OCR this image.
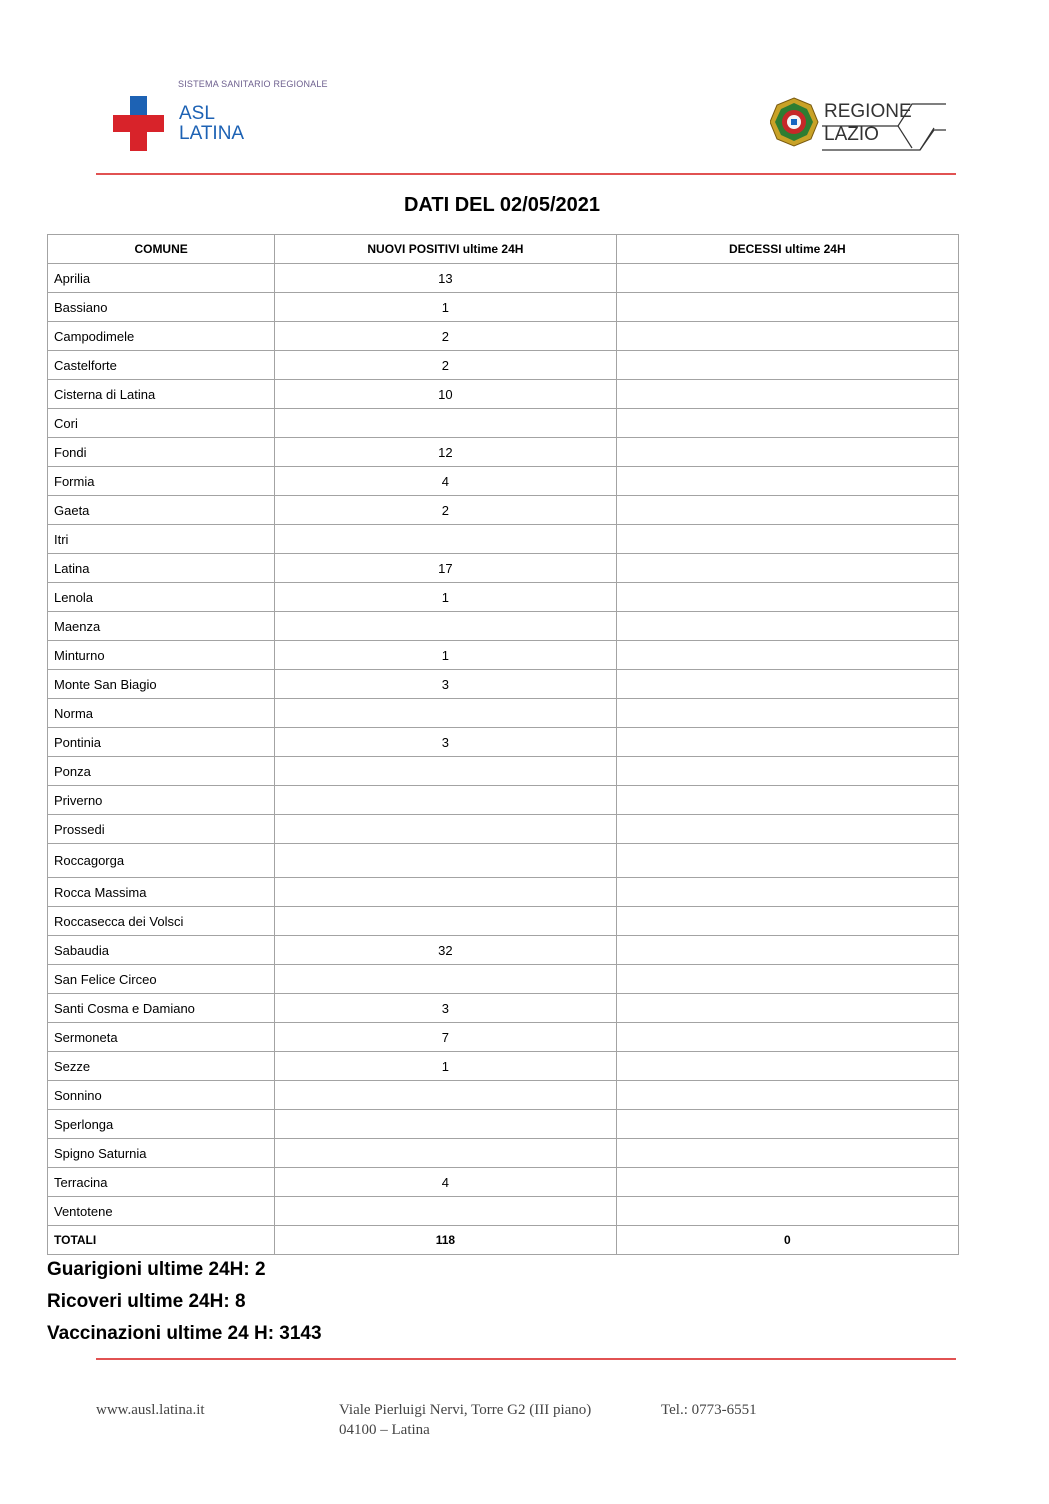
SISTEMA SANITARIO REGIONALE
ASL
LATINA
REGIONE
LAZIO
DATI DEL 02/05/2021
COMUNE	NUOVI POSITIVI ultime 24H	DECESSI ultime 24H
Aprilia	13	
Bassiano	1	
Campodimele	2	
Castelforte	2	
Cisterna di Latina	10	
Cori		
Fondi	12	
Formia	4	
Gaeta	2	
Itri		
Latina	17	
Lenola	1	
Maenza		
Minturno	1	
Monte San Biagio	3	
Norma		
Pontinia	3	
Ponza		
Priverno		
Prossedi		
Roccagorga		
Rocca Massima		
Roccasecca dei Volsci		
Sabaudia	32	
San Felice Circeo		
Santi Cosma e Damiano	3	
Sermoneta	7	
Sezze	1	
Sonnino		
Sperlonga		
Spigno Saturnia		
Terracina	4	
Ventotene		
TOTALI	118	0
Guarigioni ultime 24H: 2
Ricoveri ultime 24H: 8
Vaccinazioni ultime 24 H: 3143
www.ausl.latina.it	Viale Pierluigi Nervi, Torre G2 (III piano)
04100 – Latina
Tel.: 0773-6551
